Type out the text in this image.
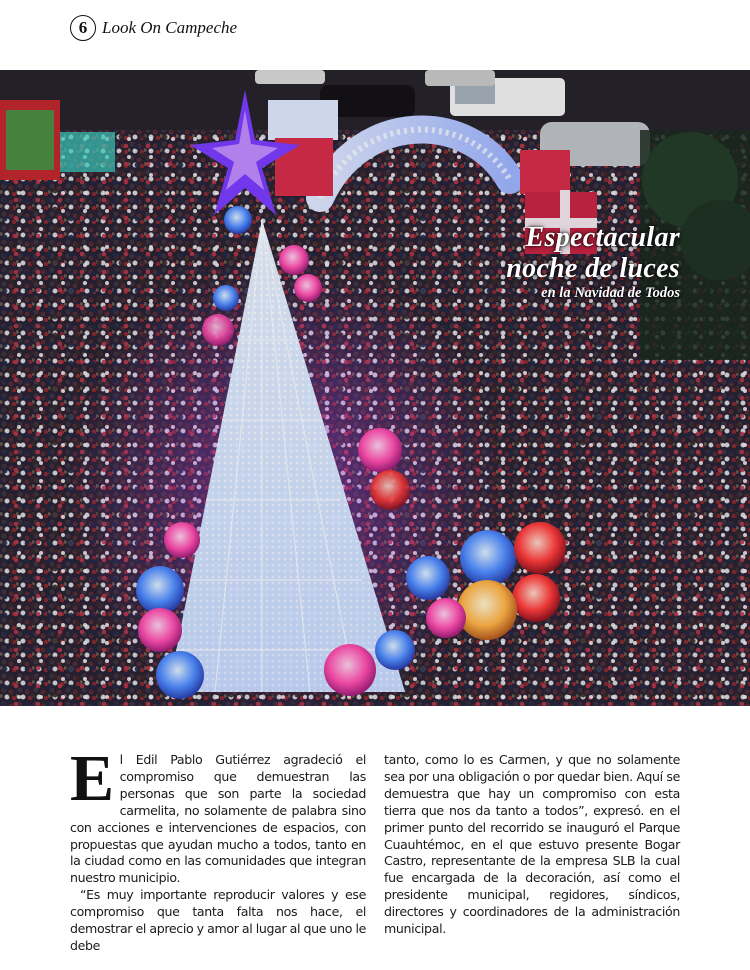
6 Look On Campeche
Espectacular
noche de luces
en la Navidad de Todos

El Edil Pablo Gutiérrez agradeció el compromiso que demuestran las personas que son parte la sociedad carmelita, no solamente de palabra sino con acciones e intervenciones de espacios, con propuestas que ayudan mucho a todos, tanto en la ciudad como en las comunidades que integran nuestro municipio.

“Es muy importante reproducir valores y ese compromiso que tanta falta nos hace, el demostrar el aprecio y amor al lugar al que uno le debe

tanto, como lo es Carmen, y que no solamente sea por una obligación o por quedar bien. Aquí se demuestra que hay un compromiso con esta tierra que nos da tanto a todos”, expresó. en el primer punto del recorrido se inauguró el Parque Cuauhtémoc, en el que estuvo presente Bogar Castro, representante de la empresa SLB la cual fue encargada de la decoración, así como el presidente municipal, regidores, síndicos, directores y coordinadores de la administración municipal.
